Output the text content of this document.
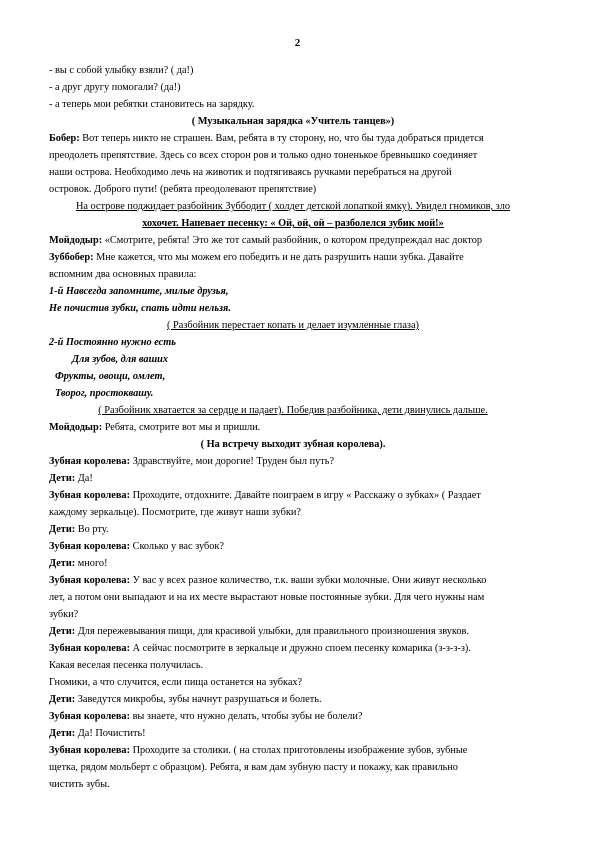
2

- вы с собой улыбку взяли? ( да!)

- а друг другу помогали? (да!)

- а теперь мои ребятки становитесь на зарядку.

( Музыкальная зарядка «Учитель танцев»)

Бобер: Вот теперь никто не страшен. Вам, ребята в ту сторону, но, что бы туда добраться придется

преодолеть препятствие. Здесь со всех сторон ров и только одно тоненькое бревнышко соединяет

наши острова. Необходимо лечь на животик и подтягиваясь ручками перебраться на другой

островок. Доброго пути! (ребята преодолевают препятствие)

На острове поджидает разбойник Зуббодит ( холдет детской лопаткой ямку). Увидел гномиков, зло

хохочет. Напевает песенку: « Ой, ой, ой – разболелся зубик мой!»

Мойдодыр: «Смотрите, ребята! Это же тот самый разбойник, о котором предупреждал нас доктор

Зуббобер: Мне кажется, что мы можем его победить и не дать разрушить наши зубка. Давайте

вспомним два основных правила:

1-й Навсегда запомните, милые друзья,

Не почистив зубки, спать идти нельзя.

( Разбойник перестает копать и делает изумленные глаза)

2-й Постоянно нужно есть

Для зубов, для ваших

Фрукты, овощи, омлет,

Творог, простоквашу.

( Разбойник хватается за сердце и падает). Победив разбойника, дети двинулись дальше.

Мойдодыр: Ребята, смотрите вот мы и пришли.

( На встречу выходит зубная королева).

Зубная королева: Здравствуйте, мои дорогие! Труден был путь?

Дети: Да!

Зубная королева: Проходите, отдохните. Давайте поиграем в игру « Расскажу о зубках» ( Раздает

каждому зеркальце). Посмотрите, где живут наши зубки?

Дети: Во рту.

Зубная королева: Сколько у вас зубок?

Дети: много!

Зубная королева: У вас у всех разное количество, т.к. ваши зубки молочные. Они живут несколько

лет, а потом они выпадают и на их месте вырастают новые постоянные зубки. Для чего нужны нам

зубки?

Дети: Для пережевывания пищи, для красивой улыбки, для правильного произношения звуков.

Зубная королева: А сейчас посмотрите в зеркальце и дружно споем песенку комарика (з-з-з-з).

Какая веселая песенка получилась.

Гномики, а что случится, если пища останется на зубках?

Дети: Заведутся микробы, зубы начнут разрушаться и болеть.

Зубная королева: вы знаете, что нужно делать, чтобы зубы не болели?

Дети: Да! Почистить!

Зубная королева: Проходите за столики. ( на столах приготовлены изображение зубов, зубные

щетка, рядом мольберт с образцом). Ребята, я вам дам зубную пасту и покажу, как правильно

чистить зубы.
